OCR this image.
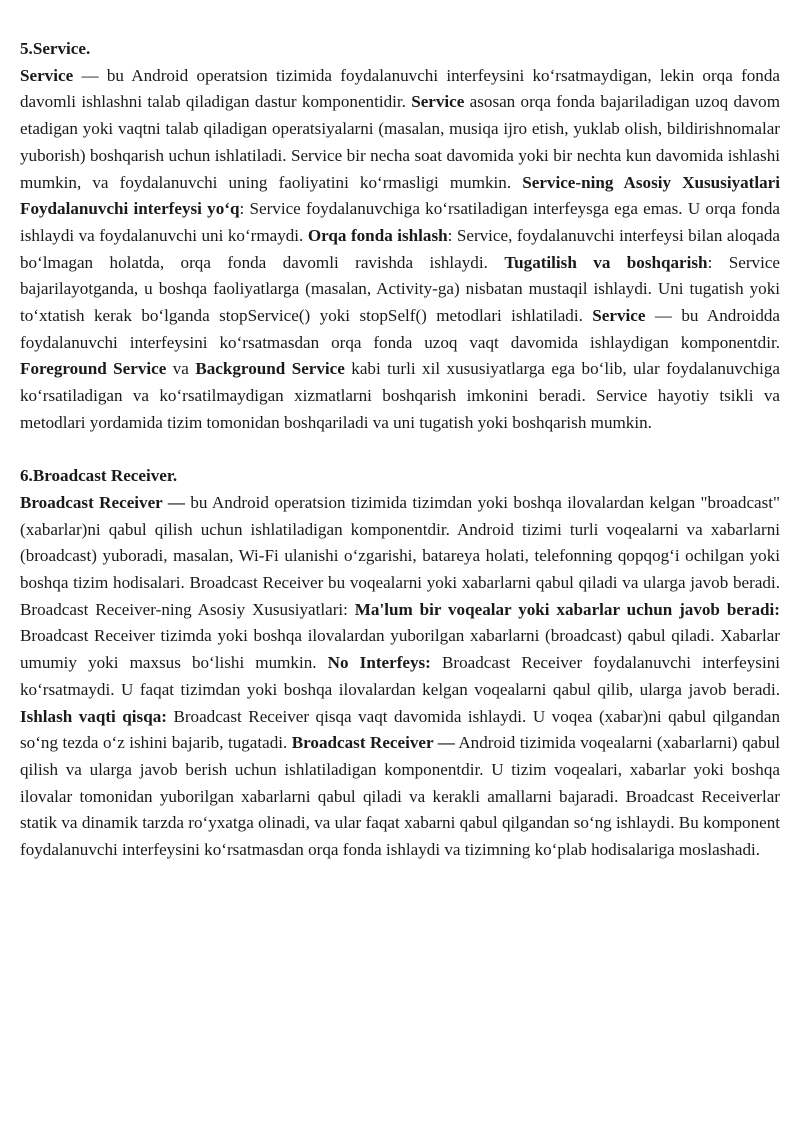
5.Service.

Service — bu Android operatsion tizimida foydalanuvchi interfeysini ko‘rsatmaydigan, lekin orqa fonda davomli ishlashni talab qiladigan dastur komponentidir. Service asosan orqa fonda bajariladigan uzoq davom etadigan yoki vaqtni talab qiladigan operatsiyalarni (masalan, musiqa ijro etish, yuklab olish, bildirishnomalar yuborish) boshqarish uchun ishlatiladi. Service bir necha soat davomida yoki bir nechta kun davomida ishlashi mumkin, va foydalanuvchi uning faoliyatini ko‘rmasligi mumkin. Service-ning Asosiy Xususiyatlari Foydalanuvchi interfeysi yo‘q: Service foydalanuvchiga ko‘rsatiladigan interfeysga ega emas. U orqa fonda ishlaydi va foydalanuvchi uni ko‘rmaydi. Orqa fonda ishlash: Service, foydalanuvchi interfeysi bilan aloqada bo‘lmagan holatda, orqa fonda davomli ravishda ishlaydi. Tugatilish va boshqarish: Service bajarilayotganda, u boshqa faoliyatlarga (masalan, Activity-ga) nisbatan mustaqil ishlaydi. Uni tugatish yoki to‘xtatish kerak bo‘lganda stopService() yoki stopSelf() metodlari ishlatiladi. Service — bu Androidda foydalanuvchi interfeysini ko‘rsatmasdan orqa fonda uzoq vaqt davomida ishlaydigan komponentdir. Foreground Service va Background Service kabi turli xil xususiyatlarga ega bo‘lib, ular foydalanuvchiga ko‘rsatiladigan va ko‘rsatilmaydigan xizmatlarni boshqarish imkonini beradi. Service hayotiy tsikli va metodlari yordamida tizim tomonidan boshqariladi va uni tugatish yoki boshqarish mumkin.

6.Broadcast Receiver.

Broadcast Receiver — bu Android operatsion tizimida tizimdan yoki boshqa ilovalardan kelgan "broadcast" (xabarlar)ni qabul qilish uchun ishlatiladigan komponentdir. Android tizimi turli voqealarni va xabarlarni (broadcast) yuboradi, masalan, Wi-Fi ulanishi o‘zgarishi, batareya holati, telefonning qopqog‘i ochilgan yoki boshqa tizim hodisalari. Broadcast Receiver bu voqealarni yoki xabarlarni qabul qiladi va ularga javob beradi. Broadcast Receiver-ning Asosiy Xususiyatlari: Ma'lum bir voqealar yoki xabarlar uchun javob beradi: Broadcast Receiver tizimda yoki boshqa ilovalardan yuborilgan xabarlarni (broadcast) qabul qiladi. Xabarlar umumiy yoki maxsus bo‘lishi mumkin. No Interfeys: Broadcast Receiver foydalanuvchi interfeysini ko‘rsatmaydi. U faqat tizimdan yoki boshqa ilovalardan kelgan voqealarni qabul qilib, ularga javob beradi. Ishlash vaqti qisqa: Broadcast Receiver qisqa vaqt davomida ishlaydi. U voqea (xabar)ni qabul qilgandan so‘ng tezda o‘z ishini bajarib, tugatadi. Broadcast Receiver — Android tizimida voqealarni (xabarlarni) qabul qilish va ularga javob berish uchun ishlatiladigan komponentdir. U tizim voqealari, xabarlar yoki boshqa ilovalar tomonidan yuborilgan xabarlarni qabul qiladi va kerakli amallarni bajaradi. Broadcast Receiverlar statik va dinamik tarzda ro‘yxatga olinadi, va ular faqat xabarni qabul qilgandan so‘ng ishlaydi. Bu komponent foydalanuvchi interfeysini ko‘rsatmasdan orqa fonda ishlaydi va tizimning ko‘plab hodisalariga moslashadi.
